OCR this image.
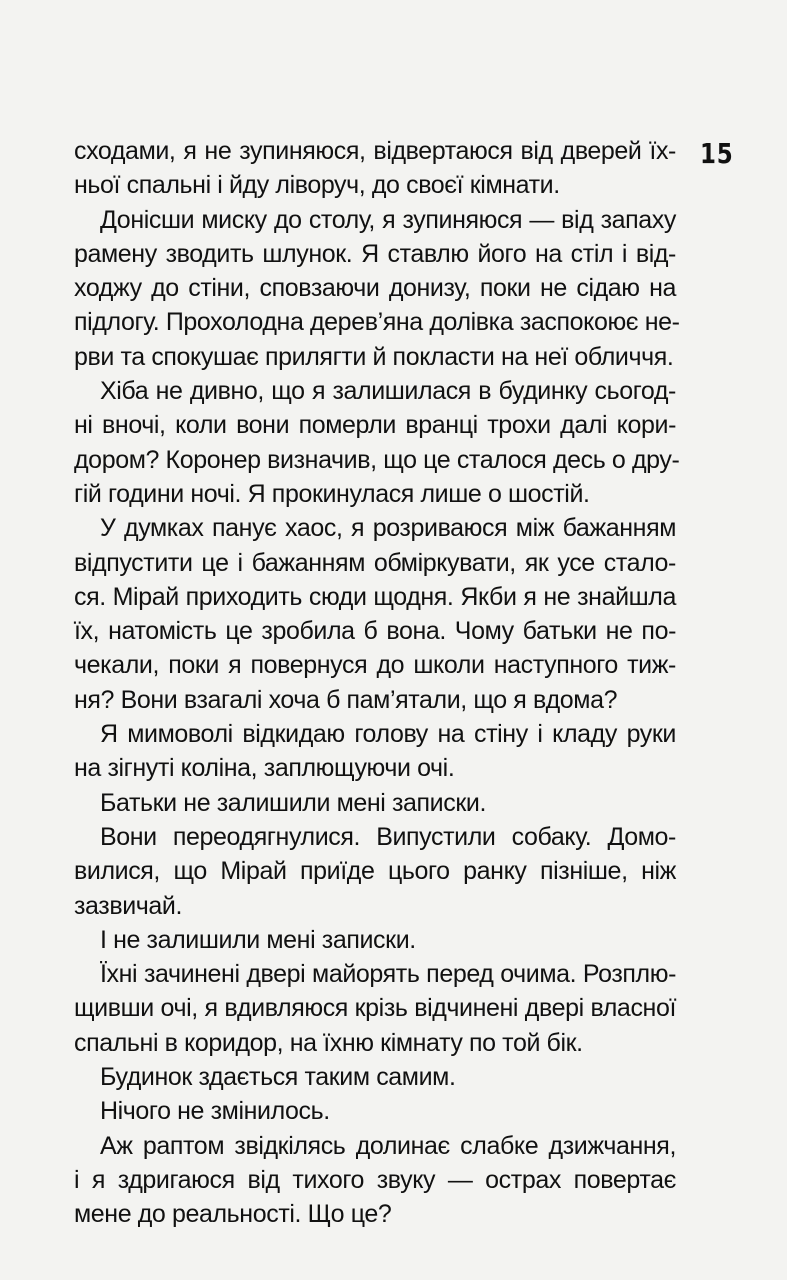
15
сходами, я не зупиняюся, відвертаюся від дверей їх-
ньої спальні і йду ліворуч, до своєї кімнати.
Донісши миску до столу, я зупиняюся — від запаху
рамену зводить шлунок. Я ставлю його на стіл і від-
ходжу до стіни, сповзаючи донизу, поки не сідаю на
підлогу. Прохолодна дерев’яна долівка заспокоює не-
рви та спокушає прилягти й покласти на неї обличчя.
Хіба не дивно, що я залишилася в будинку сьогод-
ні вночі, коли вони померли вранці трохи далі кори-
дором? Коронер визначив, що це сталося десь о дру-
гій години ночі. Я прокинулася лише о шостій.
У думках панує хаос, я розриваюся між бажанням
відпустити це і бажанням обміркувати, як усе стало-
ся. Мірай приходить сюди щодня. Якби я не знайшла
їх, натомість це зробила б вона. Чому батьки не по-
чекали, поки я повернуся до школи наступного тиж-
ня? Вони взагалі хоча б пам’ятали, що я вдома?
Я мимоволі відкидаю голову на стіну і кладу руки
на зігнуті коліна, заплющуючи очі.
Батьки не залишили мені записки.
Вони переодягнулися. Випустили собаку. Домо-
вилися, що Мірай приїде цього ранку пізніше, ніж
зазвичай.
І не залишили мені записки.
Їхні зачинені двері майорять перед очима. Розплю-
щивши очі, я вдивляюся крізь відчинені двері власної
спальні в коридор, на їхню кімнату по той бік.
Будинок здається таким самим.
Нічого не змінилось.
Аж раптом звідкілясь долинає слабке дзижчання,
і я здригаюся від тихого звуку — острах повертає
мене до реальності. Що це?
